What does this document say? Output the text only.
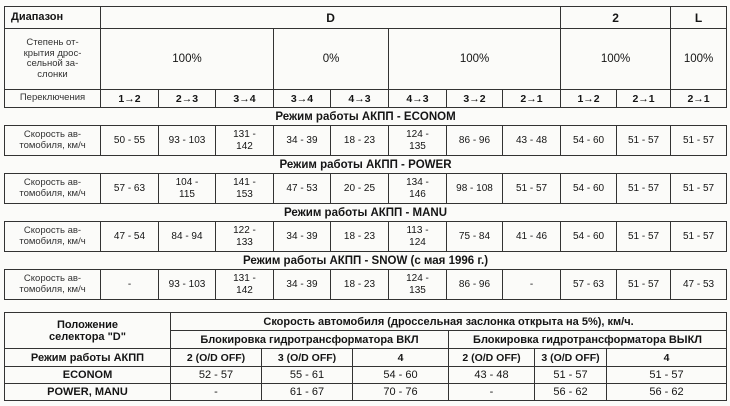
Диапазон	D								2		L
Степень от-
крытия дрос-
сельной за-
слонки	100%			0%		100%			100%		100%
Переключения	1→2	2→3	3→4	3→4	4→3	4→3	3→2	2→1	1→2	2→1	2→1
Режим работы АКПП - ECONOM											
Скорость ав-
томобиля, км/ч	50 - 55	93 - 103	131 -
142	34 - 39	18 - 23	124 -
135	86 - 96	43 - 48	54 - 60	51 - 57	51 - 57
Режим работы АКПП - POWER											
Скорость ав-
томобиля, км/ч	57 - 63	104 -
115	141 -
153	47 - 53	20 - 25	134 -
146	98 - 108	51 - 57	54 - 60	51 - 57	51 - 57
Режим работы АКПП - MANU											
Скорость ав-
томобиля, км/ч	47 - 54	84 - 94	122 -
133	34 - 39	18 - 23	113 -
124	75 - 84	41 - 46	54 - 60	51 - 57	51 - 57
Режим работы АКПП - SNOW (с мая 1996 г.)											
Скорость ав-
томобиля, км/ч	-	93 - 103	131 -
142	34 - 39	18 - 23	124 -
135	86 - 96	-	57 - 63	51 - 57	47 - 53
Положение
селектора "D"	Скорость автомобиля (дроссельная заслонка открыта на 5%), км/ч.					
	Блокировка гидротрансформатора ВКЛ			Блокировка гидротрансформатора ВЫКЛ		
Режим работы АКПП	2 (O/D OFF)	3 (O/D OFF)	4	2 (O/D OFF)	3 (O/D OFF)	4
ECONOM	52 - 57	55 - 61	54 - 60	43 - 48	51 - 57	51 - 57
POWER, MANU	-	61 - 67	70 - 76	-	56 - 62	56 - 62
